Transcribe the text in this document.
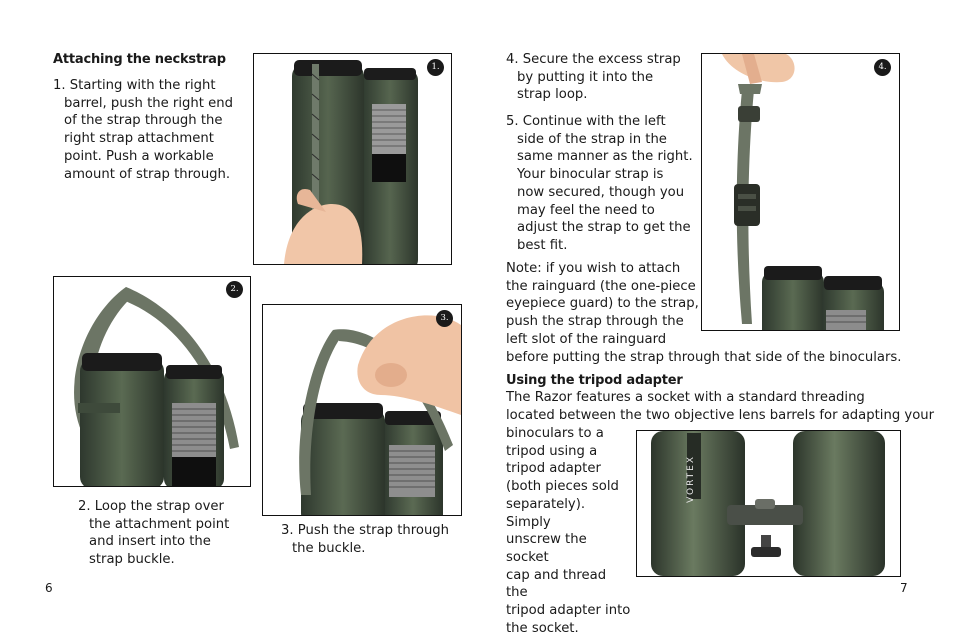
Attaching the neckstrap
1. Starting with the right
barrel, push the right end
of the strap through the
right strap attachment
point. Push a workable
amount of strap through.
1.
2.
2. Loop the strap over
the attachment point
and insert into the
strap buckle.
3.
3. Push the strap through
the buckle.
6
4. Secure the excess strap
by putting it into the
strap loop.
5. Continue with the left
side of the strap in the
same manner as the right.
Your binocular strap is
now secured, though you
may feel the need to
adjust the strap to get the
best fit.
4.
Note: if you wish to attach
the rainguard (the one-piece
eyepiece guard) to the strap,
push the strap through the
left slot of the rainguard
before putting the strap through that side of the binoculars.
Using the tripod adapter
The Razor features a socket with a standard threading
located between the two objective lens barrels for adapting your
binoculars to a
tripod using a
tripod adapter
(both pieces sold
separately). Simply
unscrew the socket
cap and thread the
tripod adapter into
the socket.
VORTEX
7
